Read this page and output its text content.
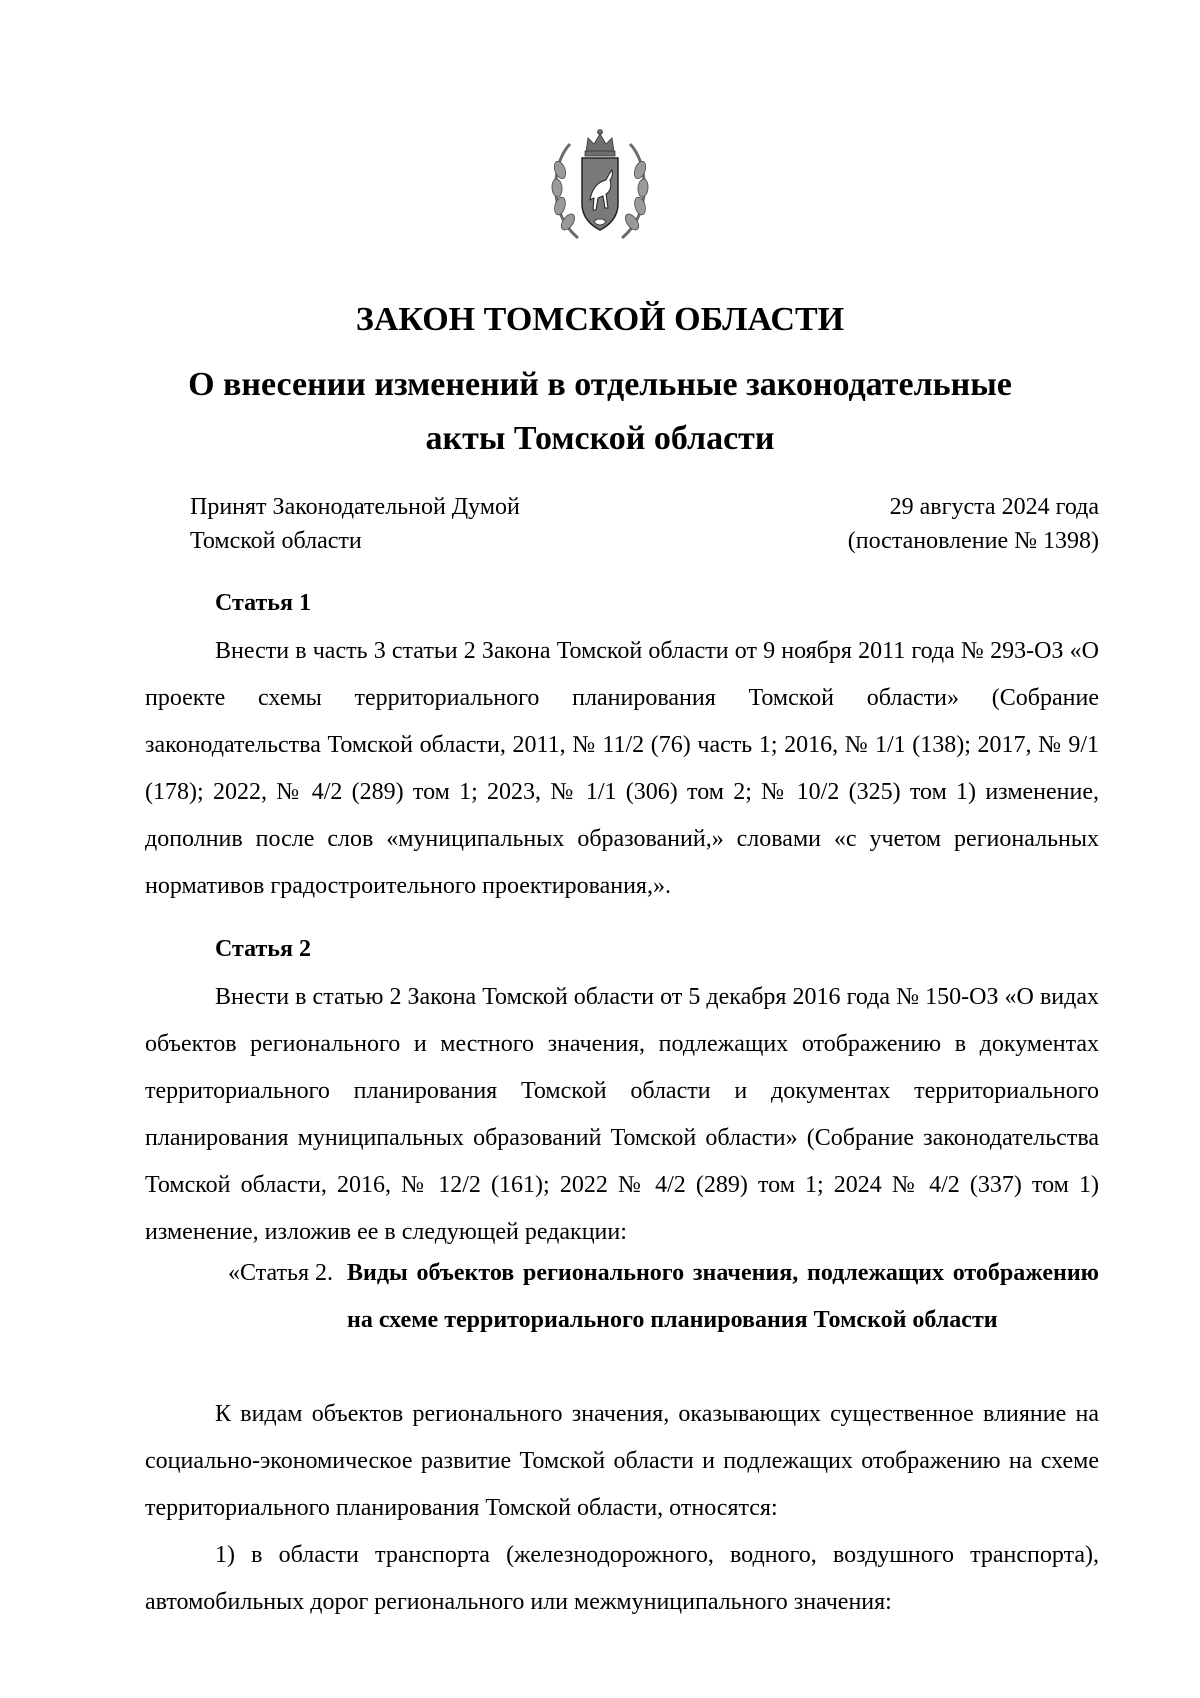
ЗАКОН ТОМСКОЙ ОБЛАСТИ
О внесении изменений в отдельные законодательные акты Томской области
Принят Законодательной Думой
Томской области
29 августа 2024 года
(постановление № 1398)
Статья 1

Внести в часть 3 статьи 2 Закона Томской области от 9 ноября 2011 года № 293-ОЗ «О проекте схемы территориального планирования Томской области» (Собрание законодательства Томской области, 2011, № 11/2 (76) часть 1; 2016, № 1/1 (138); 2017, № 9/1 (178); 2022, № 4/2 (289) том 1; 2023, № 1/1 (306) том 2; № 10/2 (325) том 1) изменение, дополнив после слов «муниципальных образований,» словами «с учетом региональных нормативов градостроительного проектирования,».

Статья 2

Внести в статью 2 Закона Томской области от 5 декабря 2016 года № 150-ОЗ «О видах объектов регионального и местного значения, подлежащих отображению в документах территориального планирования Томской области и документах территориального планирования муниципальных образований Томской области» (Собрание законодательства Томской области, 2016, № 12/2 (161); 2022 № 4/2 (289) том 1; 2024 № 4/2 (337) том 1) изменение, изложив ее в следующей редакции:

«Статья 2. Виды объектов регионального значения, подлежащих отображению на схеме территориального планирования Томской области

К видам объектов регионального значения, оказывающих существенное влияние на социально-экономическое развитие Томской области и подлежащих отображению на схеме территориального планирования Томской области, относятся:

1) в области транспорта (железнодорожного, водного, воздушного транспорта), автомобильных дорог регионального или межмуниципального значения:
